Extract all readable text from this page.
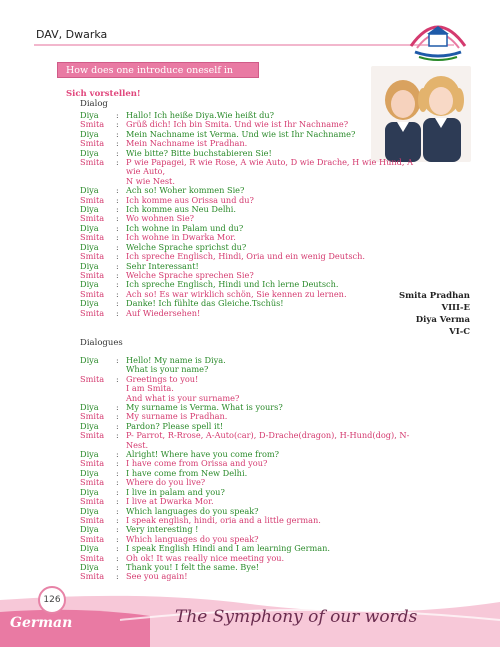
DAV, Dwarka
How does one introduce oneself in german?
Sich vorstellen!
Dialog
Diya	: Hallo! Ich heiße Diya.Wie heißt du?
Smita	: Grüß dich! Ich bin Smita. Und wie ist Ihr Nachname?
Diya	: Mein Nachname ist Verma. Und wie ist Ihr Nachname?
Smita	: Mein Nachname ist Pradhan.
Diya	: Wie bitte? Bitte buchstabieren Sie!
Smita	: P wie Papagei, R wie Rose, A wie Auto, D wie Drache, H wie Hund, A wie Auto,
N wie Nest.
Diya	: Ach so! Woher kommen Sie?
Smita	: Ich komme aus Orissa und du?
Diya	: Ich komme aus Neu Delhi.
Smita	: Wo wohnen Sie?
Diya	: Ich wohne in Palam und du?
Smita	: Ich wohne in Dwarka Mor.
Diya	: Welche Sprache sprichst du?
Smita	: Ich spreche Englisch, Hindi, Oria und ein wenig Deutsch.
Diya	: Sehr Interessant!
Smita	: Welche Sprache sprechen Sie?
Diya	: Ich spreche Englisch, Hindi und Ich lerne Deutsch.
Smita	: Ach so! Es war wirklich schön, Sie kennen zu lernen.
Diya	: Danke! Ich fühlte das Gleiche.Tschüs!
Smita	: Auf Wiedersehen!
Smita Pradhan
VIII-E
Diya Verma
VI-C
Dialogues
Diya	: Hello! My name is Diya.
What is your name?
Smita	: Greetings to you!
I am Smita.
And what is your surname?
Diya	: My surname is Verma. What is yours?
Smita	: My surname is Pradhan.
Diya	: Pardon? Please spell it!
Smita	: P- Parrot, R-Rrose, A-Auto(car), D-Drache(dragon), H-Hund(dog), N- Nest.
Diya	: Alright! Where have you come from?
Smita	: I have come from Orissa and you?
Diya	: I have come from New Delhi.
Smita	: Where do you live?
Diya	: I live in palam and you?
Smita	: I live at Dwarka Mor.
Diya	: Which languages do you speak?
Smita	: I speak english, hindi, oria and a little german.
Diya	: Very interesting !
Smita	: Which languages do you speak?
Diya	: I speak English Hindi and I am learning German.
Smita	: Oh ok! It was really nice meeting you.
Diya	: Thank you! I felt the same. Bye!
Smita	: See you again!
126
German	The Symphony of our words
